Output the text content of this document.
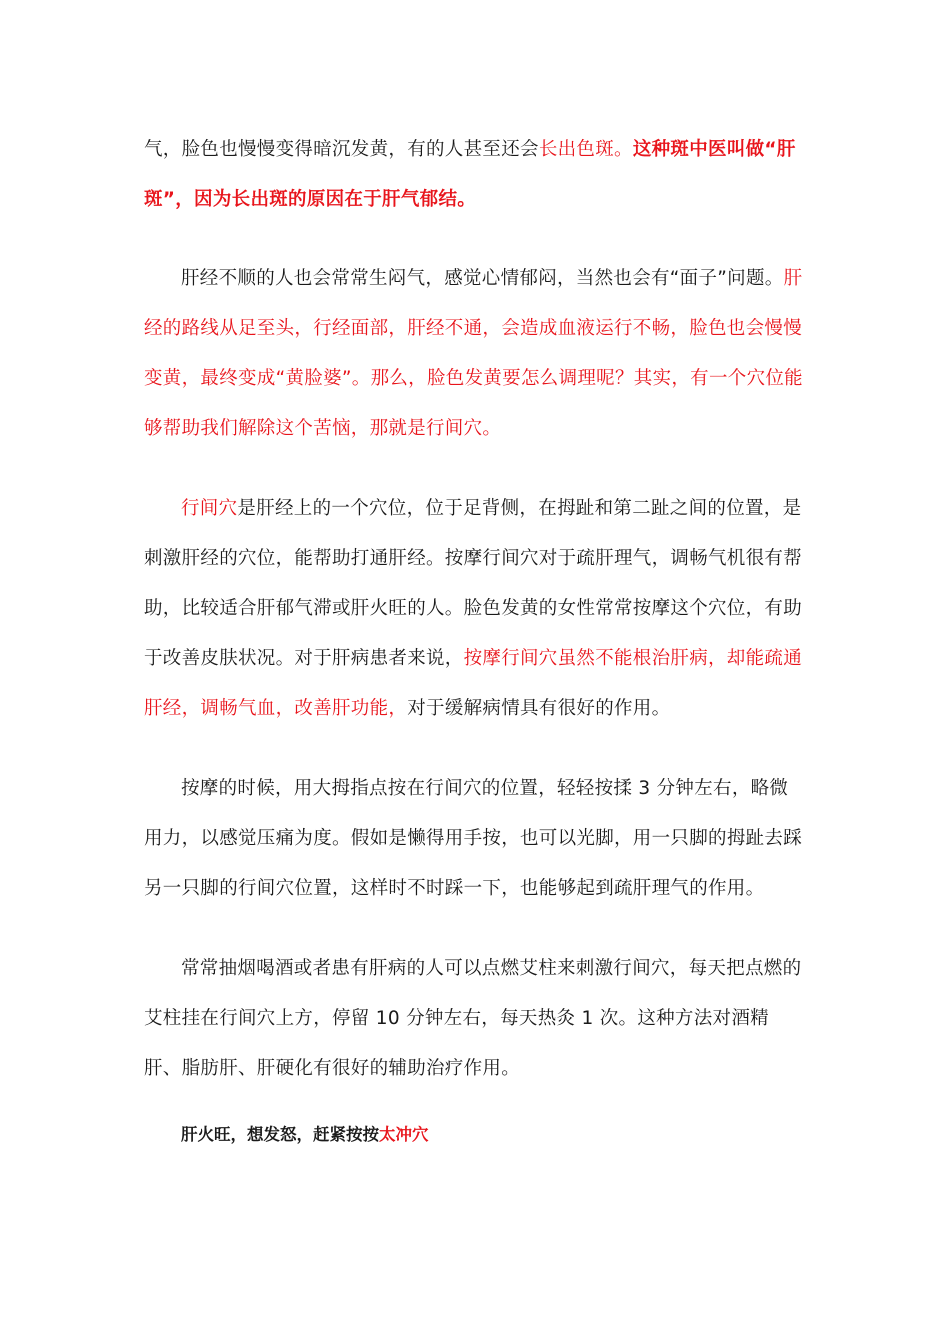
气，脸色也慢慢变得暗沉发黄，有的人甚至还会长出色斑。这种斑中医叫做“肝斑”，因为长出斑的原因在于肝气郁结。

肝经不顺的人也会常常生闷气，感觉心情郁闷，当然也会有“面子”问题。肝经的路线从足至头，行经面部，肝经不通，会造成血液运行不畅，脸色也会慢慢变黄，最终变成“黄脸婆”。那么，脸色发黄要怎么调理呢？其实，有一个穴位能够帮助我们解除这个苦恼，那就是行间穴。

行间穴是肝经上的一个穴位，位于足背侧，在拇趾和第二趾之间的位置，是刺激肝经的穴位，能帮助打通肝经。按摩行间穴对于疏肝理气，调畅气机很有帮助，比较适合肝郁气滞或肝火旺的人。脸色发黄的女性常常按摩这个穴位，有助于改善皮肤状况。对于肝病患者来说，按摩行间穴虽然不能根治肝病，却能疏通肝经，调畅气血，改善肝功能，对于缓解病情具有很好的作用。

按摩的时候，用大拇指点按在行间穴的位置，轻轻按揉 3 分钟左右，略微用力，以感觉压痛为度。假如是懒得用手按，也可以光脚，用一只脚的拇趾去踩另一只脚的行间穴位置，这样时不时踩一下，也能够起到疏肝理气的作用。

常常抽烟喝酒或者患有肝病的人可以点燃艾柱来刺激行间穴，每天把点燃的艾柱挂在行间穴上方，停留 10 分钟左右，每天热灸 1 次。这种方法对酒精肝、脂肪肝、肝硬化有很好的辅助治疗作用。

肝火旺，想发怒，赶紧按按太冲穴
